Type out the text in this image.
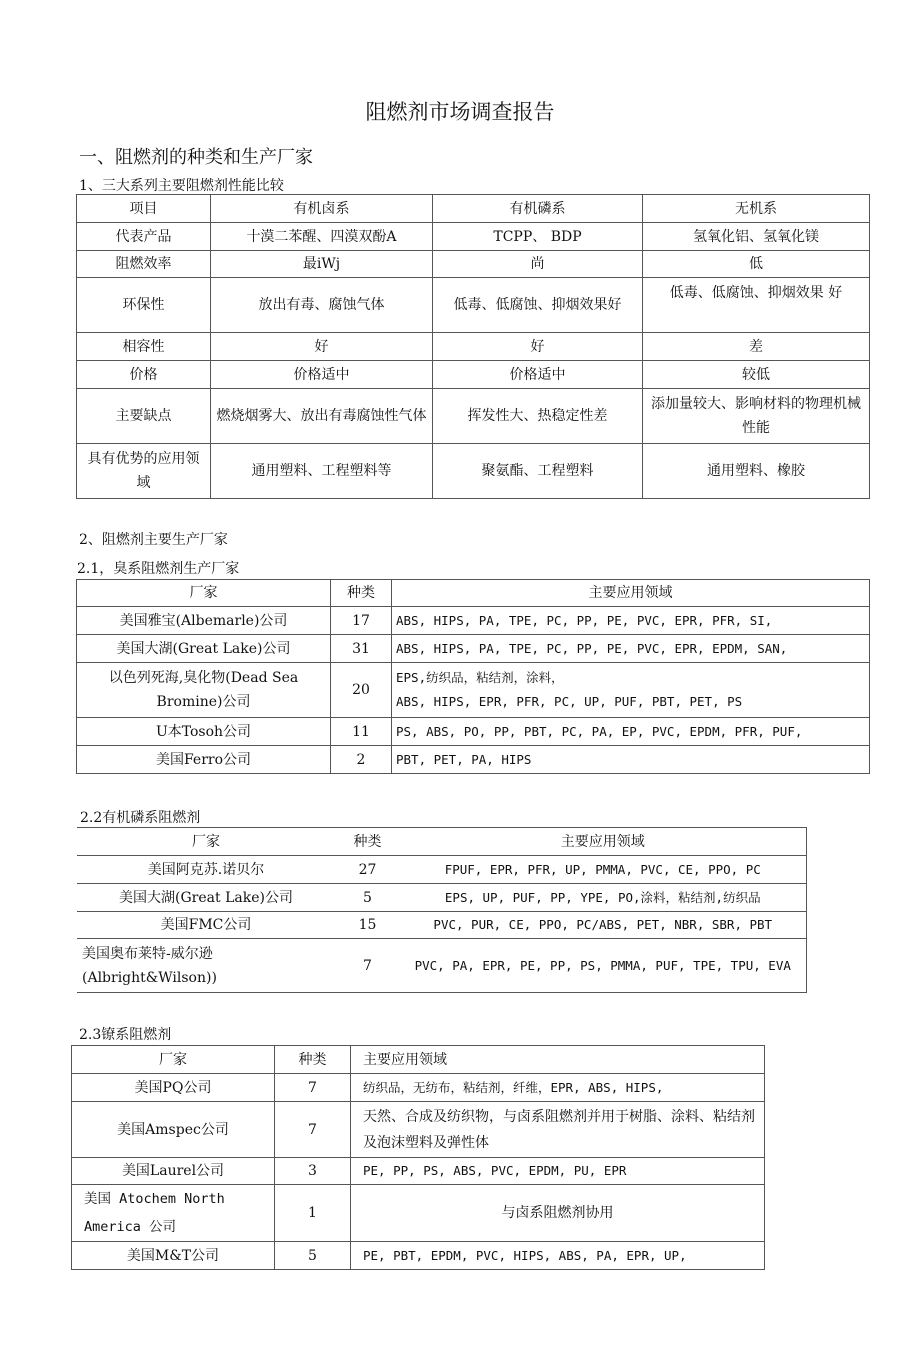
阻燃剂市场调查报告
一、阻燃剂的种类和生产厂家
1、三大系列主要阻燃剂性能比较
项目	有机卤系	有机磷系	无机系
代表产品	十漠二苯醒、四漠双酚A	TCPP、 BDP	氢氧化铝、氢氧化镁
阻燃效率	最iWj	尚	低
环保性	放出有毒、腐蚀气体	低毒、低腐蚀、抑烟效果好	低毒、低腐蚀、抑烟效果 好
相容性	好	好	差
价格	价格适中	价格适中	较低
主要缺点	燃烧烟雾大、放出有毒腐蚀性气体	挥发性大、热稳定性差	添加量较大、影响材料的物理机械性能
具有优势的应用领域	通用塑料、工程塑料等	聚氨酯、工程塑料	通用塑料、橡胶
2、阻燃剂主要生产厂家
2.1，臭系阻燃剂生产厂家
厂家	种类	主要应用领域
美国雅宝(Albemarle)公司	17	ABS, HIPS, PA, TPE, PC, PP, PE, PVC, EPR, PFR, SI,
美国大湖(Great Lake)公司	31	ABS, HIPS, PA, TPE, PC, PP, PE, PVC, EPR, EPDM, SAN,
以色列死海,臭化物(Dead Sea Bromine)公司	20	EPS,纺织品，粘结剂，涂料，
ABS, HIPS, EPR, PFR, PC, UP, PUF, PBT, PET, PS

U本Tosoh公司	11	PS, ABS, PO, PP, PBT, PC, PA, EP, PVC, EPDM, PFR, PUF,
美国Ferro公司	2	PBT, PET, PA, HIPS
2.2有机磷系阻燃剂
厂家	种类	主要应用领域
美国阿克苏.诺贝尔	27	FPUF, EPR, PFR, UP, PMMA, PVC, CE, PPO, PC
美国大湖(Great Lake)公司	5	EPS, UP, PUF, PP, YPE, PO,涂料，粘结剂,纺织品
美国FMC公司	15	PVC, PUR, CE, PPO, PC/ABS, PET, NBR, SBR, PBT
美国奥布莱特-威尔逊(Albright&Wilson))	7	PVC, PA, EPR, PE, PP, PS, PMMA, PUF, TPE, TPU, EVA
2.3镣系阻燃剂
厂家	种类	主要应用领域
美国PQ公司	7	纺织品，无纺布，粘结剂，纤维，EPR, ABS, HIPS,
美国Amspec公司	7	天然、合成及纺织物，与卤系阻燃剂并用于树脂、涂料、粘结剂及泡沫塑料及弹性体
美国Laurel公司	3	PE, PP, PS, ABS, PVC, EPDM, PU, EPR
美国 Atochem North America 公司	1	与卤系阻燃剂协用
美国M&T公司	5	PE, PBT, EPDM, PVC, HIPS, ABS, PA, EPR, UP,
